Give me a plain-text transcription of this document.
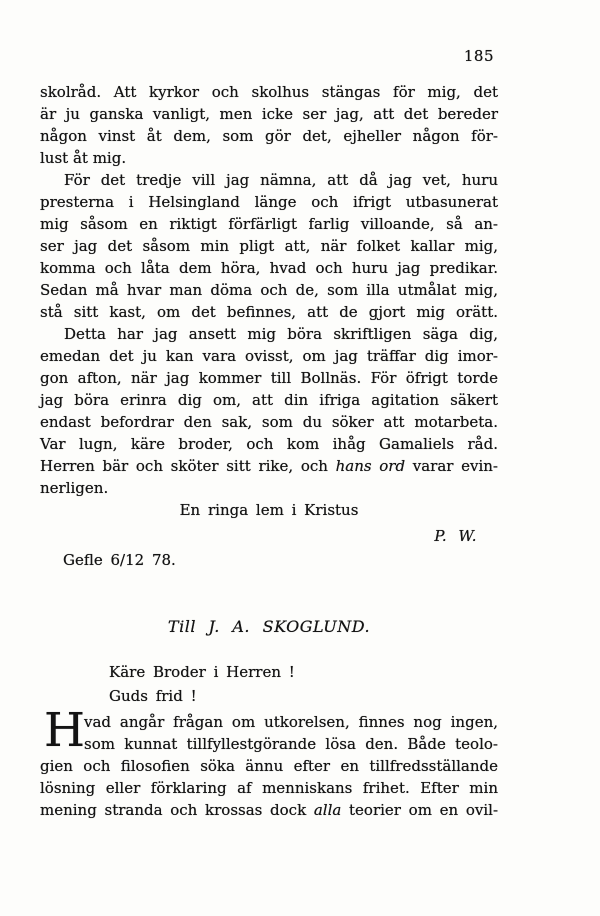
185
skolråd. Att kyrkor och skolhus stängas för mig, det
är ju ganska vanligt, men icke ser jag, att det bereder
någon vinst åt dem, som gör det, ejheller någon för-
lust åt mig.
För det tredje vill jag nämna, att då jag vet, huru
presterna i Helsingland länge och ifrigt utbasunerat
mig såsom en riktigt förfärligt farlig villoande, så an-
ser jag det såsom min pligt att, när folket kallar mig,
komma och låta dem höra, hvad och huru jag predikar.
Sedan må hvar man döma och de, som illa utmålat mig,
stå sitt kast, om det befinnes, att de gjort mig orätt.
Detta har jag ansett mig böra skriftligen säga dig,
emedan det ju kan vara ovisst, om jag träffar dig imor-
gon afton, när jag kommer till Bollnäs. För öfrigt torde
jag böra erinra dig om, att din ifriga agitation säkert
endast befordrar den sak, som du söker att motarbeta.
Var lugn, käre broder, och kom ihåg Gamaliels råd.
Herren bär och sköter sitt rike, och hans ord varar evin-
nerligen.
En ringa lem i Kristus
P. W.
Gefle 6/12 78.
Till J. A. SKOGLUND.
Käre Broder i Herren !
Guds frid !
H vad angår frågan om utkorelsen, finnes nog ingen,
som kunnat tillfyllestgörande lösa den. Både teolo-
gien och filosofien söka ännu efter en tillfredsställande
lösning eller förklaring af menniskans frihet. Efter min
mening stranda och krossas dock alla teorier om en ovil-
